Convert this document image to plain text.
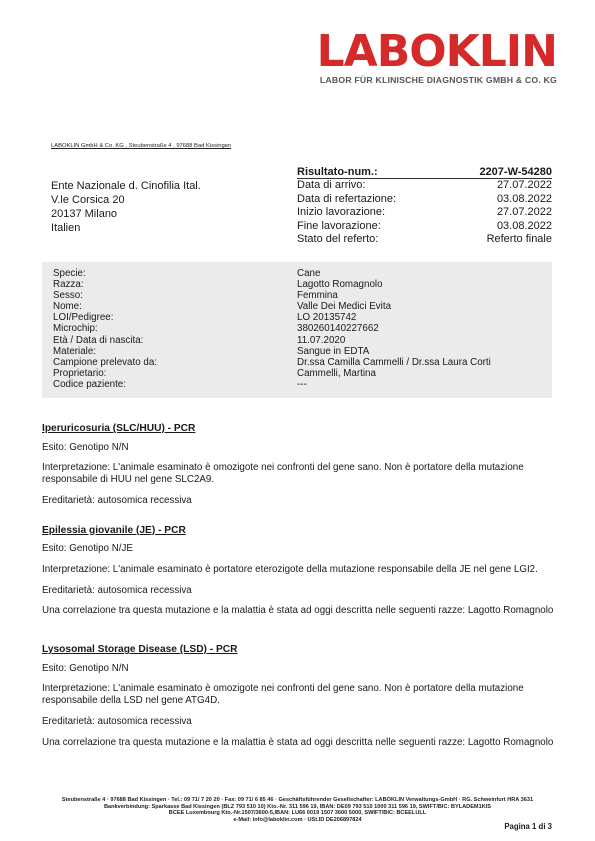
LABOKLIN
LABOR FÜR KLINISCHE DIAGNOSTIK GMBH & CO. KG
LABOKLIN GmbH & Co. KG , Steubenstraße 4 , 97688 Bad Kissingen
Ente Nazionale d. Cinofilia Ital.
V.le Corsica 20
20137 Milano
Italien
Risultato-num.:	2207-W-54280
Data di arrivo:	27.07.2022
Data di refertazione:	03.08.2022
Inizio lavorazione:	27.07.2022
Fine lavorazione:	03.08.2022
Stato del referto:	Referto finale
Specie:	Cane
Razza:	Lagotto Romagnolo
Sesso:	Femmina
Nome:	Valle Dei Medici Evita
LOI/Pedigree:	LO 20135742
Microchip:	380260140227662
Età / Data di nascita:	11.07.2020
Materiale:	Sangue in EDTA
Campione prelevato da:	Dr.ssa Camilla Cammelli / Dr.ssa Laura Corti
Proprietario:	Cammelli, Martina
Codice paziente:	---
Iperuricosuria (SLC/HUU) - PCR

Esito: Genotipo N/N

Interpretazione: L'animale esaminato è omozigote nei confronti del gene sano. Non è portatore della mutazione responsabile di HUU nel gene SLC2A9.

Ereditarietà: autosomica recessiva

Epilessia giovanile (JE) - PCR

Esito: Genotipo N/JE

Interpretazione: L'animale esaminato è portatore eterozigote della mutazione responsabile della JE nel gene LGI2.

Ereditarietà: autosomica recessiva

Una correlazione tra questa mutazione e la malattia è stata ad oggi descritta nelle seguenti razze: Lagotto Romagnolo

Lysosomal Storage Disease (LSD) - PCR

Esito: Genotipo N/N

Interpretazione: L'animale esaminato è omozigote nei confronti del gene sano. Non è portatore della mutazione responsabile della LSD nel gene ATG4D.

Ereditarietà: autosomica recessiva

Una correlazione tra questa mutazione e la malattia è stata ad oggi descritta nelle seguenti razze: Lagotto Romagnolo

Steubenstraße 4 · 97688 Bad Kissingen · Tel.: 09 71/ 7 20 20 · Fax: 09 71/ 6 85 46 · Geschäftsführender Gesellschafter: LABOKLIN Verwaltungs-GmbH · RG. Schweinfurt HRA 3631
Bankverbindung: Sparkasse Bad Kissingen (BLZ 793 510 10) Kto.-Nr. 311 596 19, IBAN: DE09 793 510 1000 311 596 19, SWIFT/BIC: BYLADEM1KIS
BCEE Luxembourg Kto.-Nr.1507/3600-5,IBAN: LU66 0019 1507 3600 5000, SWIFT/BIC: BCEELULL
e-Mail: info@laboklin.com · USt.ID DE206897824
Pagina 1 di 3
